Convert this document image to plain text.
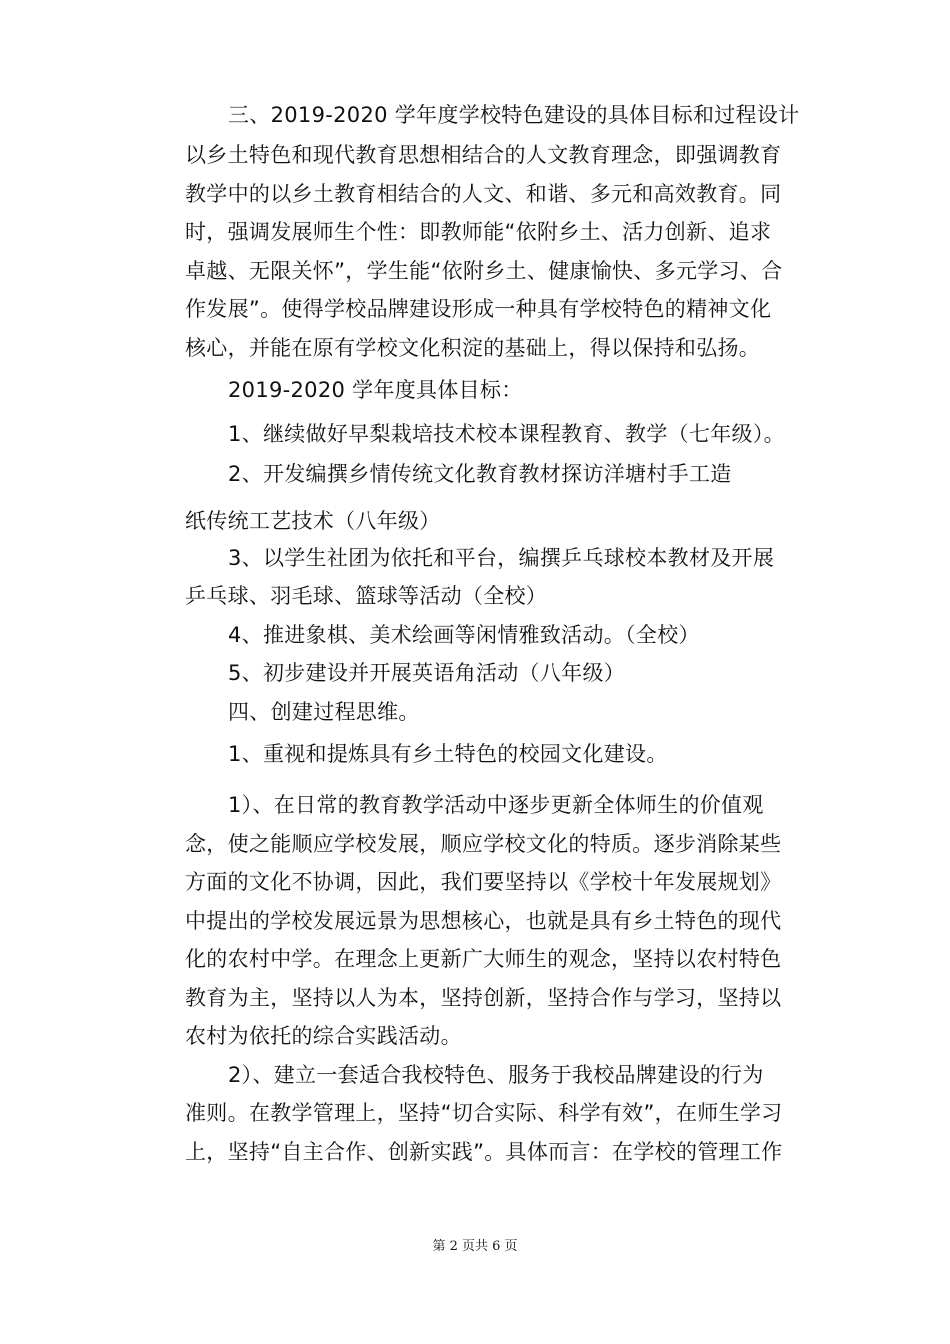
三、2019-2020 学年度学校特色建设的具体目标和过程设计
以乡土特色和现代教育思想相结合的人文教育理念，即强调教育
教学中的以乡土教育相结合的人文、和谐、多元和高效教育。同
时，强调发展师生个性：即教师能“依附乡土、活力创新、追求
卓越、无限关怀”，学生能“依附乡土、健康愉快、多元学习、合
作发展”。使得学校品牌建设形成一种具有学校特色的精神文化
核心，并能在原有学校文化积淀的基础上，得以保持和弘扬。
2019-2020 学年度具体目标：
1、继续做好早梨栽培技术校本课程教育、教学（七年级）。
2、开发编撰乡情传统文化教育教材探访洋塘村手工造
纸传统工艺技术（八年级）
3、以学生社团为依托和平台，编撰乒乓球校本教材及开展
乒乓球、羽毛球、篮球等活动（全校）
4、推进象棋、美术绘画等闲情雅致活动。（全校）
5、初步建设并开展英语角活动（八年级）
四、创建过程思维。
1、重视和提炼具有乡土特色的校园文化建设。
1）、在日常的教育教学活动中逐步更新全体师生的价值观
念，使之能顺应学校发展，顺应学校文化的特质。逐步消除某些
方面的文化不协调，因此，我们要坚持以《学校十年发展规划》
中提出的学校发展远景为思想核心，也就是具有乡土特色的现代
化的农村中学。在理念上更新广大师生的观念，坚持以农村特色
教育为主，坚持以人为本，坚持创新，坚持合作与学习，坚持以
农村为依托的综合实践活动。
2）、建立一套适合我校特色、服务于我校品牌建设的行为
准则。在教学管理上，坚持“切合实际、科学有效”，在师生学习
上，坚持“自主合作、创新实践”。具体而言：在学校的管理工作
第 2 页共 6 页
